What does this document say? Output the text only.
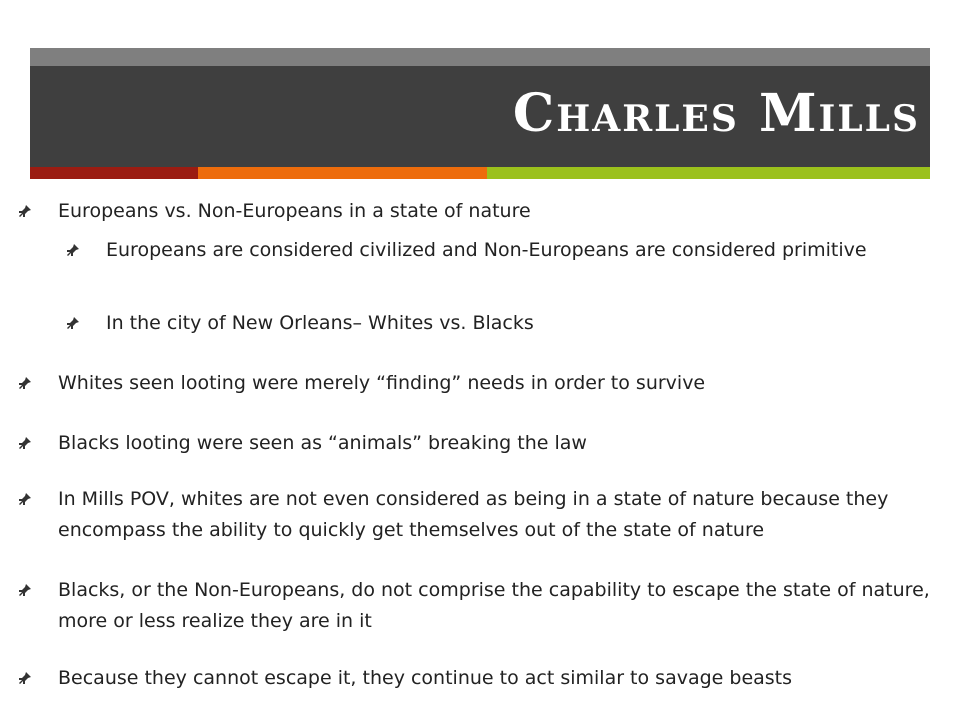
Charles Mills
Europeans vs. Non-Europeans in a state of nature
Europeans are considered civilized and Non-Europeans are considered primitive
In the city of New Orleans– Whites vs. Blacks
Whites seen looting were merely “finding” needs in order to survive
Blacks looting were seen as “animals” breaking the law
In Mills POV, whites are not even considered as being in a state of nature because they encompass the ability to quickly get themselves out of the state of nature
Blacks, or the Non-Europeans, do not comprise the capability to escape the state of nature, more or less realize they are in it
Because they cannot escape it, they continue to act similar to savage beasts
